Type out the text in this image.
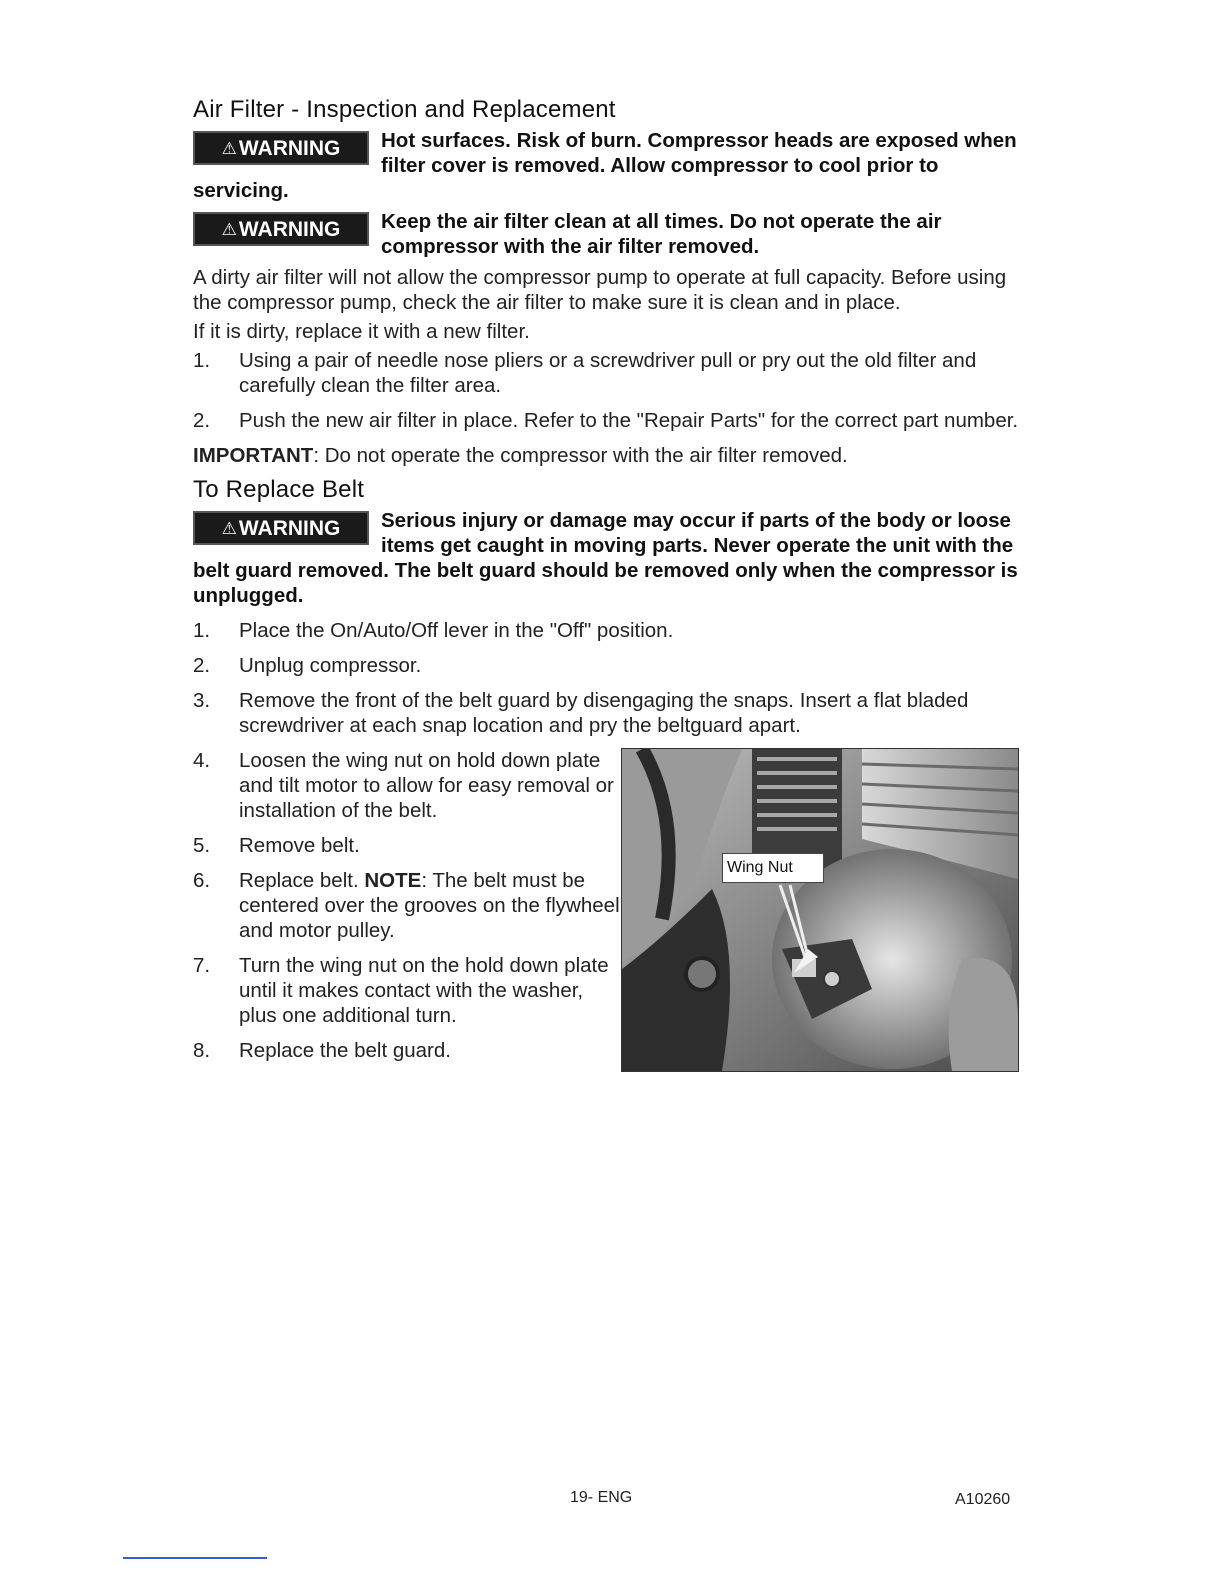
Air Filter - Inspection and Replacement
⚠ WARNING Hot surfaces. Risk of burn. Compressor heads are exposed when filter cover is removed. Allow compressor to cool prior to servicing.
⚠ WARNING Keep the air filter clean at all times. Do not operate the air compressor with the air filter removed.

A dirty air filter will not allow the compressor pump to operate at full capacity. Before using the compressor pump, check the air filter to make sure it is clean and in place.

If it is dirty, replace it with a new filter.

1. Using a pair of needle nose pliers or a screwdriver pull or pry out the old filter and carefully clean the filter area.
2. Push the new air filter in place. Refer to the "Repair Parts" for the correct part number.

IMPORTANT: Do not operate the compressor with the air filter removed.

To Replace Belt
⚠ WARNING Serious injury or damage may occur if parts of the body or loose items get caught in moving parts. Never operate the unit with the belt guard removed. The belt guard should be removed only when the compressor is unplugged.
1. Place the On/Auto/Off lever in the "Off" position.
2. Unplug compressor.
3. Remove the front of the belt guard by disengaging the snaps. Insert a flat bladed screwdriver at each snap location and pry the beltguard apart.
4. Loosen the wing nut on hold down plate and tilt motor to allow for easy removal or installation of the belt.
5. Remove belt.
6. Replace belt. NOTE: The belt must be centered over the grooves on the flywheel and motor pulley.
7. Turn the wing nut on the hold down plate until it makes contact with the washer, plus one additional turn.
8. Replace the belt guard.
Wing Nut
19- ENG	A10260
